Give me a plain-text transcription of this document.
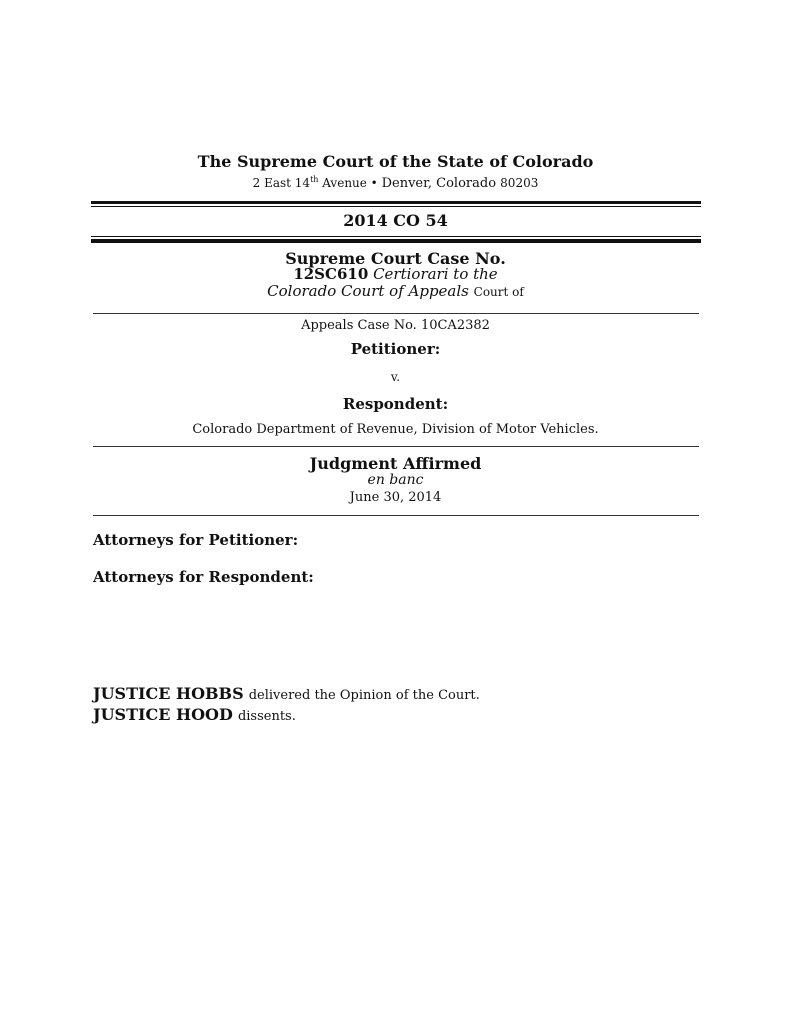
The Supreme Court of the State of Colorado
2 East 14th Avenue • Denver, Colorado 80203
2014 CO 54
Supreme Court Case No.
12SC610 Certiorari to the
Colorado Court of Appeals Court of
Appeals Case No. 10CA2382
Petitioner:
v.
Respondent:
Colorado Department of Revenue, Division of Motor Vehicles.
Judgment Affirmed
en banc
June 30, 2014
Attorneys for Petitioner:
Attorneys for Respondent:
JUSTICE HOBBS delivered the Opinion of the Court.
JUSTICE HOOD dissents.
